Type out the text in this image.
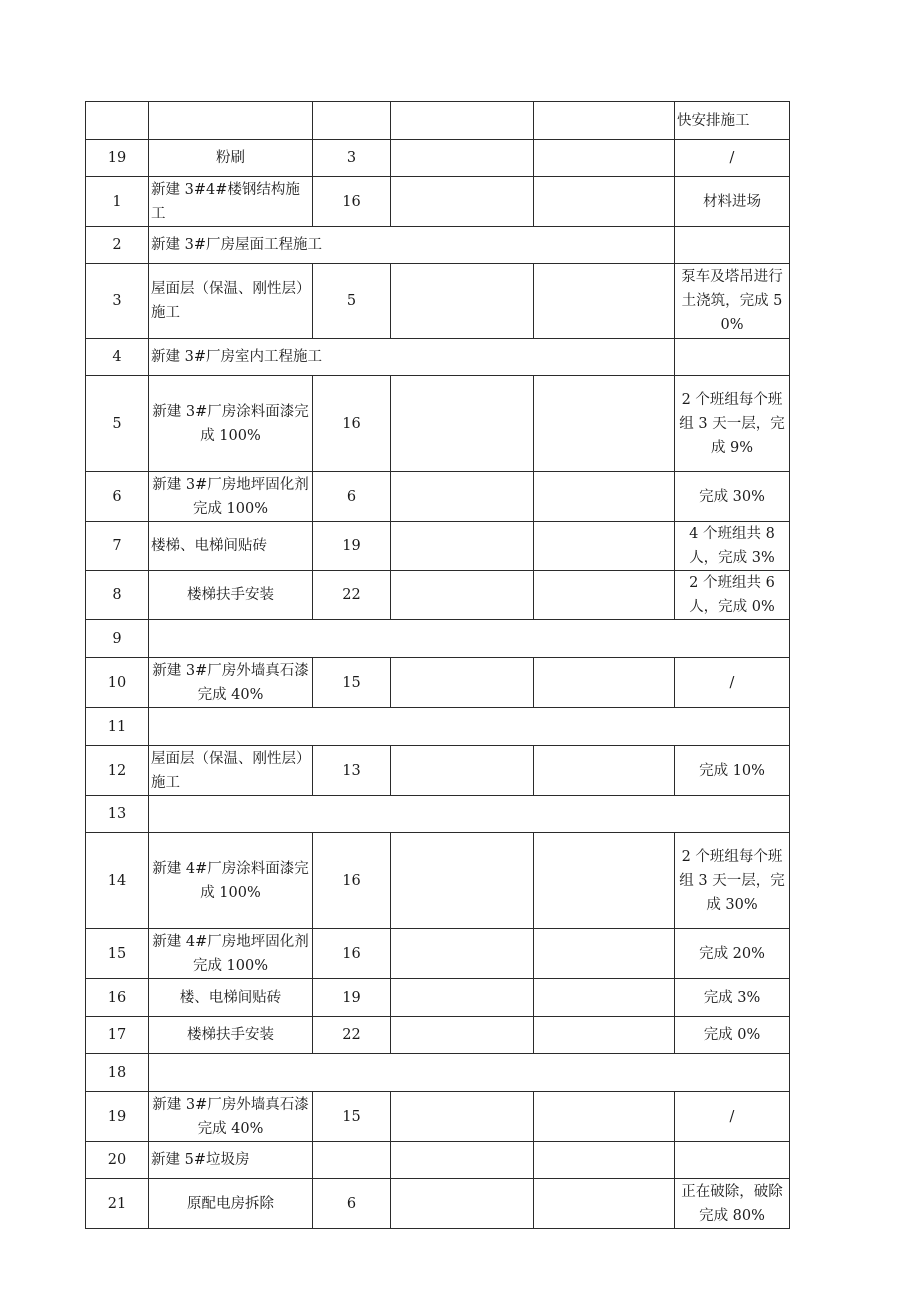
					快安排施工
19	粉刷	3			/
1	新建 3#4#楼钢结构施工	16			材料进场
2	新建 3#厂房屋面工程施工				
3	屋面层（保温、刚性层）施工	5			泵车及塔吊进行土浇筑，完成 50%
4	新建 3#厂房室内工程施工				
5	新建 3#厂房涂料面漆完成 100%	16			2 个班组每个班组 3 天一层，完成 9%
6	新建 3#厂房地坪固化剂完成 100%	6			完成 30%
7	楼梯、电梯间贴砖	19			4 个班组共 8 人，完成 3%
8	楼梯扶手安装	22			2 个班组共 6 人，完成 0%
9					
10	新建 3#厂房外墙真石漆完成 40%	15			/
11					
12	屋面层（保温、刚性层）施工	13			完成 10%
13					
14	新建 4#厂房涂料面漆完成 100%	16			2 个班组每个班组 3 天一层，完成 30%
15	新建 4#厂房地坪固化剂完成 100%	16			完成 20%
16	楼、电梯间贴砖	19			完成 3%
17	楼梯扶手安装	22			完成 0%
18					
19	新建 3#厂房外墙真石漆完成 40%	15			/
20	新建 5#垃圾房				
21	原配电房拆除	6			正在破除，破除完成 80%
